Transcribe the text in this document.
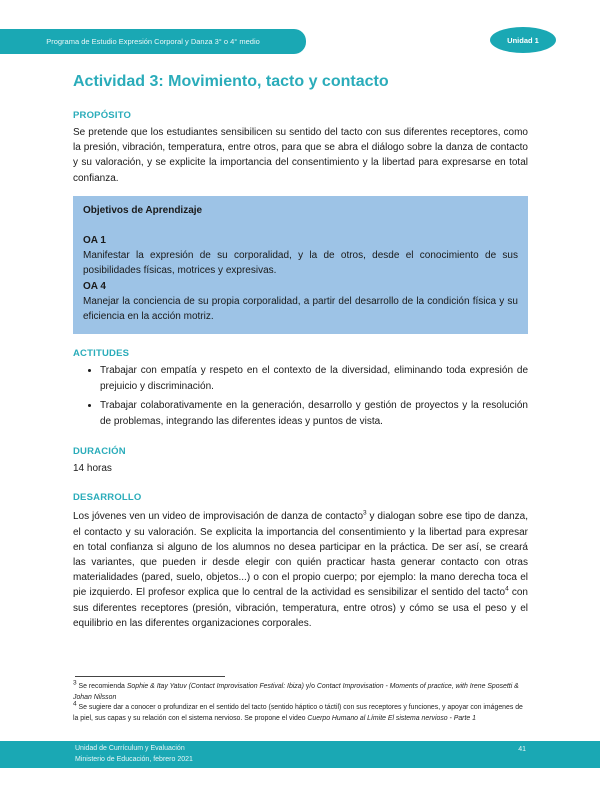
Programa de Estudio Expresión Corporal y Danza 3° o 4° medio	Unidad 1
Actividad 3: Movimiento, tacto y contacto
PROPÓSITO

Se pretende que los estudiantes sensibilicen su sentido del tacto con sus diferentes receptores, como la presión, vibración, temperatura, entre otros, para que se abra el diálogo sobre la danza de contacto y su valoración, y se explicite la importancia del consentimiento y la libertad para expresarse en total confianza.

Objetivos de Aprendizaje

OA 1

Manifestar la expresión de su corporalidad, y la de otros, desde el conocimiento de sus posibilidades físicas, motrices y expresivas.

OA 4

Manejar la conciencia de su propia corporalidad, a partir del desarrollo de la condición física y su eficiencia en la acción motriz.

ACTITUDES
• Trabajar con empatía y respeto en el contexto de la diversidad, eliminando toda expresión de prejuicio y discriminación.
• Trabajar colaborativamente en la generación, desarrollo y gestión de proyectos y la resolución de problemas, integrando las diferentes ideas y puntos de vista.
DURACIÓN

14 horas

DESARROLLO

Los jóvenes ven un video de improvisación de danza de contacto$^3$ y dialogan sobre ese tipo de danza, el contacto y su valoración. Se explicita la importancia del consentimiento y la libertad para expresar en total confianza si alguno de los alumnos no desea participar en la práctica. De ser así, se creará las variantes, que pueden ir desde elegir con quién practicar hasta generar contacto con otras materialidades (pared, suelo, objetos...) o con el propio cuerpo; por ejemplo: la mano derecha toca el pie izquierdo. El profesor explica que lo central de la actividad es sensibilizar el sentido del tacto$^4$ con sus diferentes receptores (presión, vibración, temperatura, entre otros) y cómo se usa el peso y el equilibrio en las diferentes organizaciones corporales.

$^3$ Se recomienda Sophie & Itay Yatuv (Contact Improvisation Festival: Ibiza) y/o Contact Improvisation - Moments of practice, with Irene Sposetti & Johan Nilsson

$^4$ Se sugiere dar a conocer o profundizar en el sentido del tacto (sentido háptico o táctil) con sus receptores y funciones, y apoyar con imágenes de la piel, sus capas y su relación con el sistema nervioso. Se propone el video Cuerpo Humano al Límite El sistema nervioso - Parte 1

Unidad de Currículum y Evaluación

Ministerio de Educación, febrero 2021

41
